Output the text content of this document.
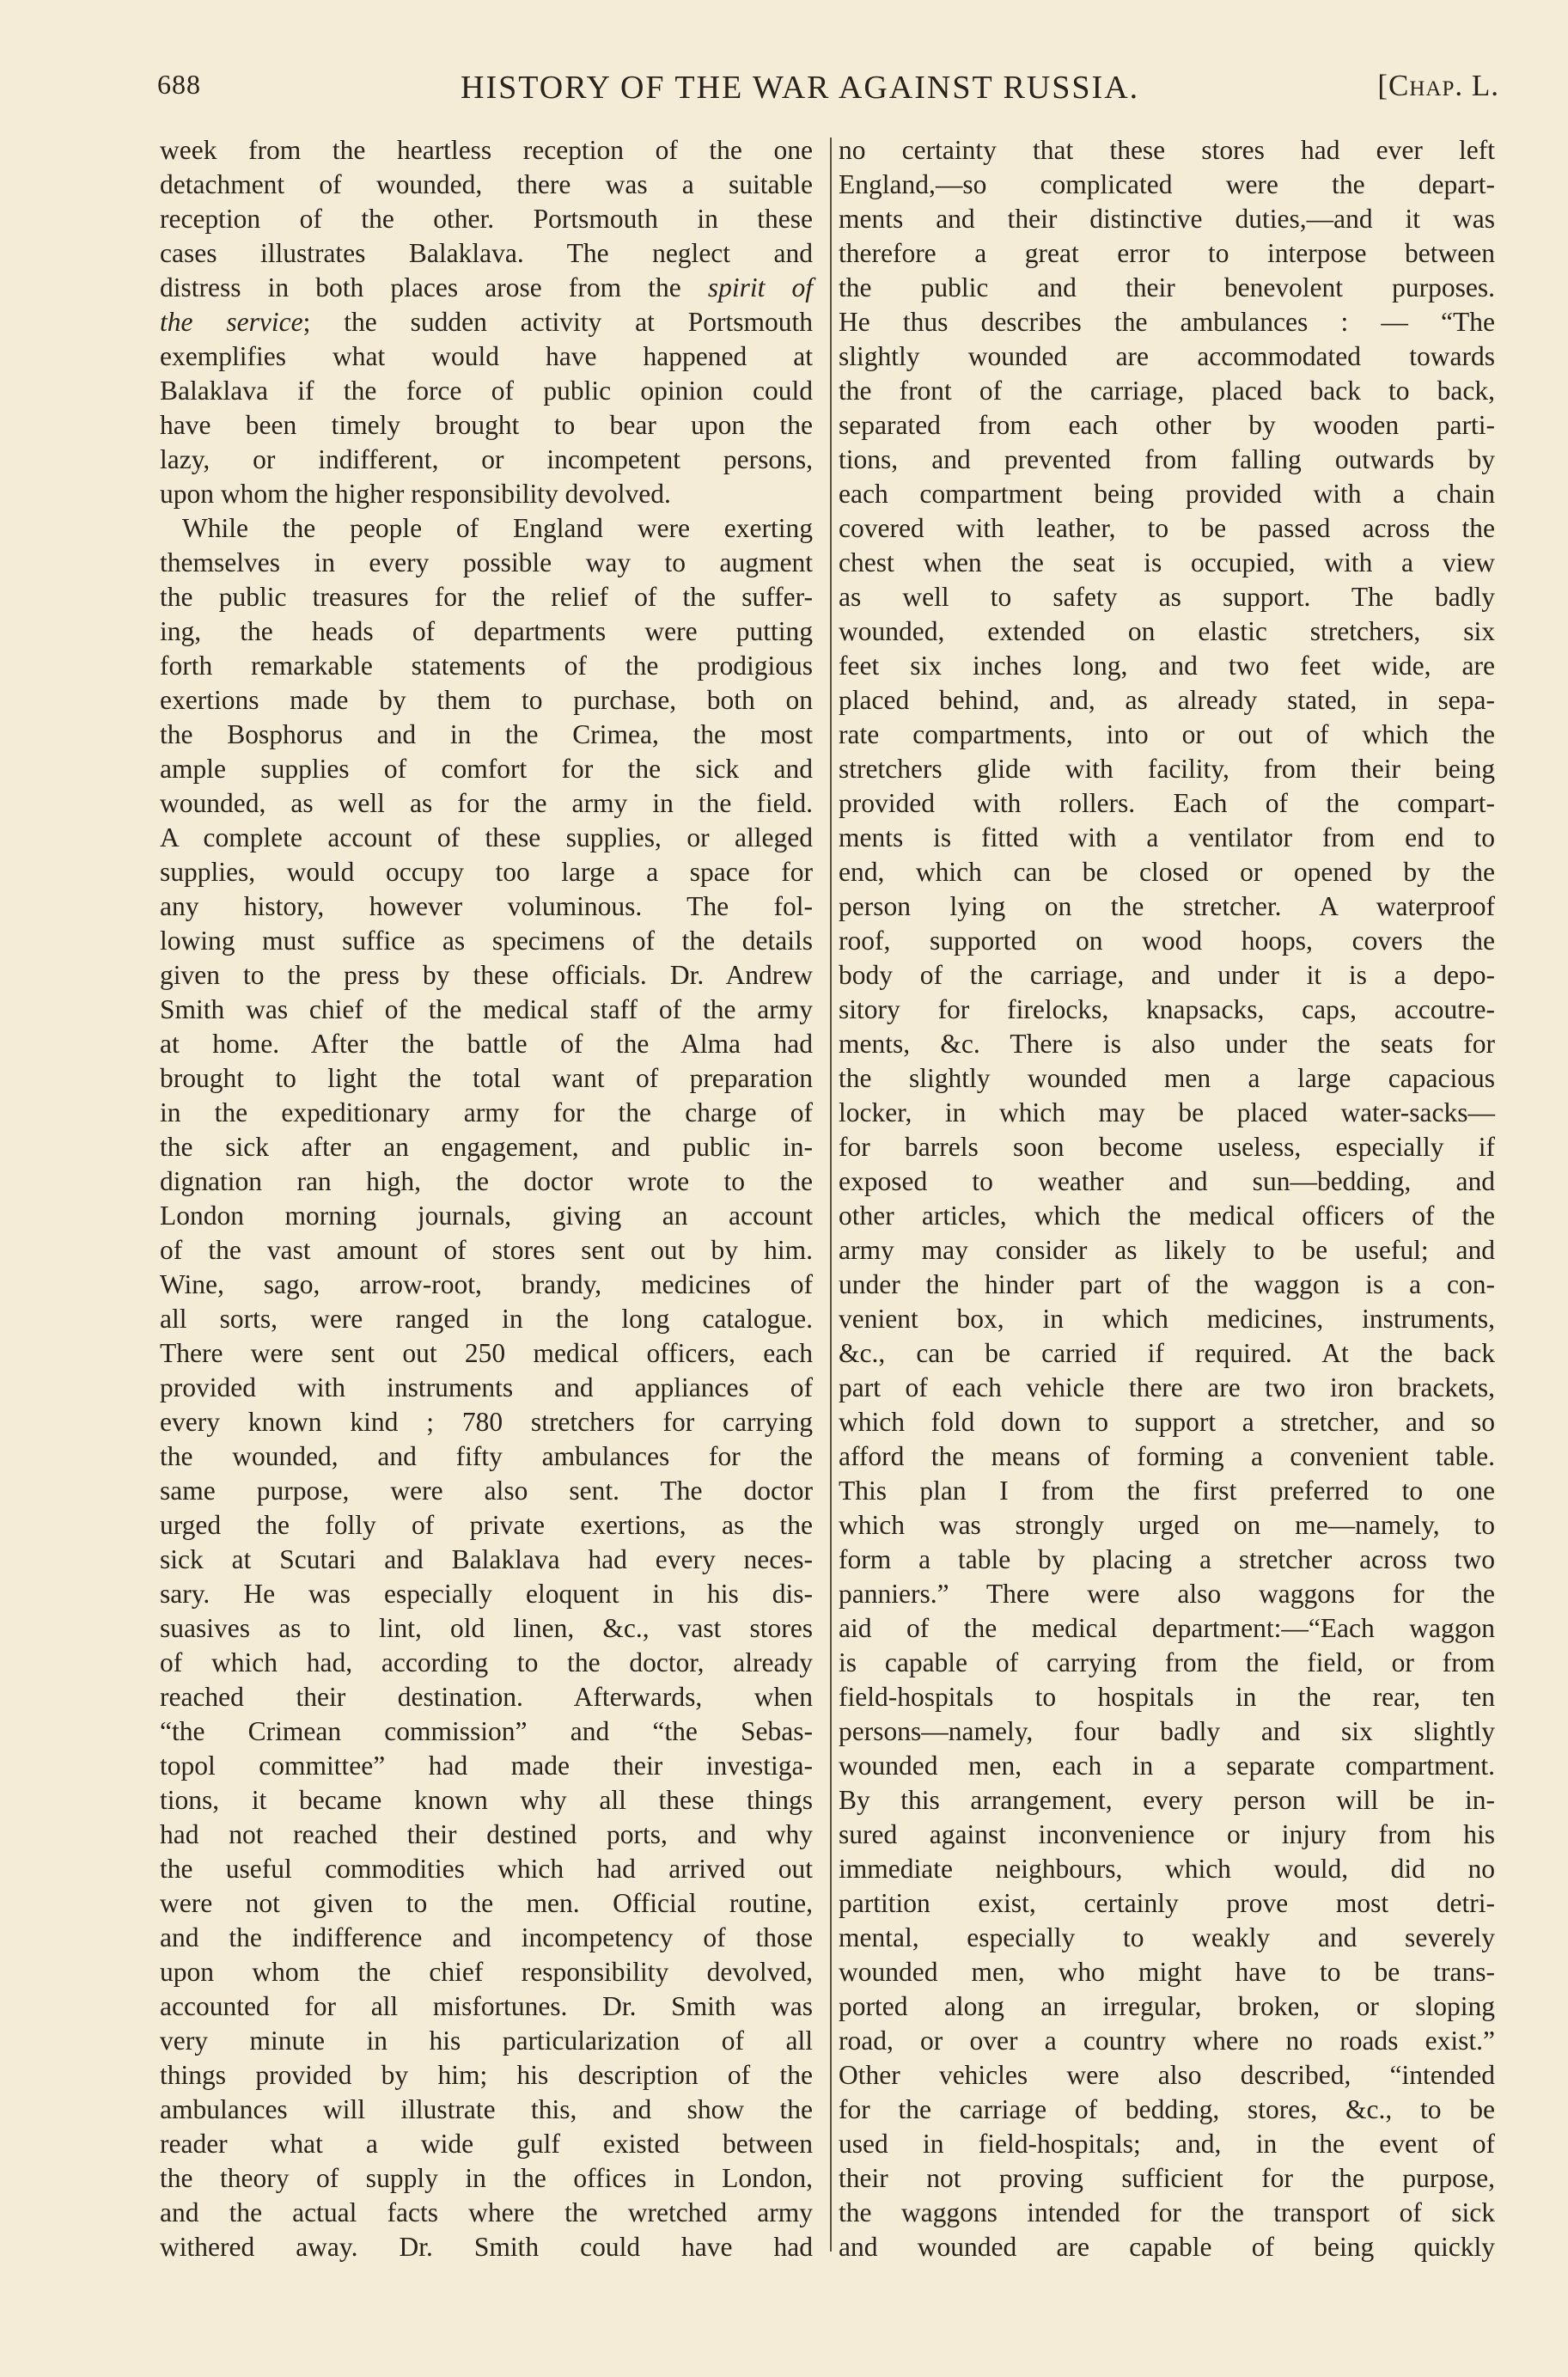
688	HISTORY OF THE WAR AGAINST RUSSIA.	[Chap. L.
week from the heartless reception of the one
detachment of wounded, there was a suitable
reception of the other. Portsmouth in these
cases illustrates Balaklava. The neglect and
distress in both places arose from the spirit of
the service; the sudden activity at Portsmouth
exemplifies what would have happened at
Balaklava if the force of public opinion could
have been timely brought to bear upon the
lazy, or indifferent, or incompetent persons,
upon whom the higher responsibility devolved.
While the people of England were exerting
themselves in every possible way to augment
the public treasures for the relief of the suffer-
ing, the heads of departments were putting
forth remarkable statements of the prodigious
exertions made by them to purchase, both on
the Bosphorus and in the Crimea, the most
ample supplies of comfort for the sick and
wounded, as well as for the army in the field.
A complete account of these supplies, or alleged
supplies, would occupy too large a space for
any history, however voluminous. The fol-
lowing must suffice as specimens of the details
given to the press by these officials. Dr. Andrew
Smith was chief of the medical staff of the army
at home. After the battle of the Alma had
brought to light the total want of preparation
in the expeditionary army for the charge of
the sick after an engagement, and public in-
dignation ran high, the doctor wrote to the
London morning journals, giving an account
of the vast amount of stores sent out by him.
Wine, sago, arrow-root, brandy, medicines of
all sorts, were ranged in the long catalogue.
There were sent out 250 medical officers, each
provided with instruments and appliances of
every known kind ; 780 stretchers for carrying
the wounded, and fifty ambulances for the
same purpose, were also sent. The doctor
urged the folly of private exertions, as the
sick at Scutari and Balaklava had every neces-
sary. He was especially eloquent in his dis-
suasives as to lint, old linen, &c., vast stores
of which had, according to the doctor, already
reached their destination. Afterwards, when
“the Crimean commission” and “the Sebas-
topol committee” had made their investiga-
tions, it became known why all these things
had not reached their destined ports, and why
the useful commodities which had arrived out
were not given to the men. Official routine,
and the indifference and incompetency of those
upon whom the chief responsibility devolved,
accounted for all misfortunes. Dr. Smith was
very minute in his particularization of all
things provided by him; his description of the
ambulances will illustrate this, and show the
reader what a wide gulf existed between
the theory of supply in the offices in London,
and the actual facts where the wretched army
withered away. Dr. Smith could have had
no certainty that these stores had ever left
England,—so complicated were the depart-
ments and their distinctive duties,—and it was
therefore a great error to interpose between
the public and their benevolent purposes.
He thus describes the ambulances : — “The
slightly wounded are accommodated towards
the front of the carriage, placed back to back,
separated from each other by wooden parti-
tions, and prevented from falling outwards by
each compartment being provided with a chain
covered with leather, to be passed across the
chest when the seat is occupied, with a view
as well to safety as support. The badly
wounded, extended on elastic stretchers, six
feet six inches long, and two feet wide, are
placed behind, and, as already stated, in sepa-
rate compartments, into or out of which the
stretchers glide with facility, from their being
provided with rollers. Each of the compart-
ments is fitted with a ventilator from end to
end, which can be closed or opened by the
person lying on the stretcher. A waterproof
roof, supported on wood hoops, covers the
body of the carriage, and under it is a depo-
sitory for firelocks, knapsacks, caps, accoutre-
ments, &c. There is also under the seats for
the slightly wounded men a large capacious
locker, in which may be placed water-sacks—
for barrels soon become useless, especially if
exposed to weather and sun—bedding, and
other articles, which the medical officers of the
army may consider as likely to be useful; and
under the hinder part of the waggon is a con-
venient box, in which medicines, instruments,
&c., can be carried if required. At the back
part of each vehicle there are two iron brackets,
which fold down to support a stretcher, and so
afford the means of forming a convenient table.
This plan I from the first preferred to one
which was strongly urged on me—namely, to
form a table by placing a stretcher across two
panniers.” There were also waggons for the
aid of the medical department:—“Each waggon
is capable of carrying from the field, or from
field-hospitals to hospitals in the rear, ten
persons—namely, four badly and six slightly
wounded men, each in a separate compartment.
By this arrangement, every person will be in-
sured against inconvenience or injury from his
immediate neighbours, which would, did no
partition exist, certainly prove most detri-
mental, especially to weakly and severely
wounded men, who might have to be trans-
ported along an irregular, broken, or sloping
road, or over a country where no roads exist.”
Other vehicles were also described, “intended
for the carriage of bedding, stores, &c., to be
used in field-hospitals; and, in the event of
their not proving sufficient for the purpose,
the waggons intended for the transport of sick
and wounded are capable of being quickly
